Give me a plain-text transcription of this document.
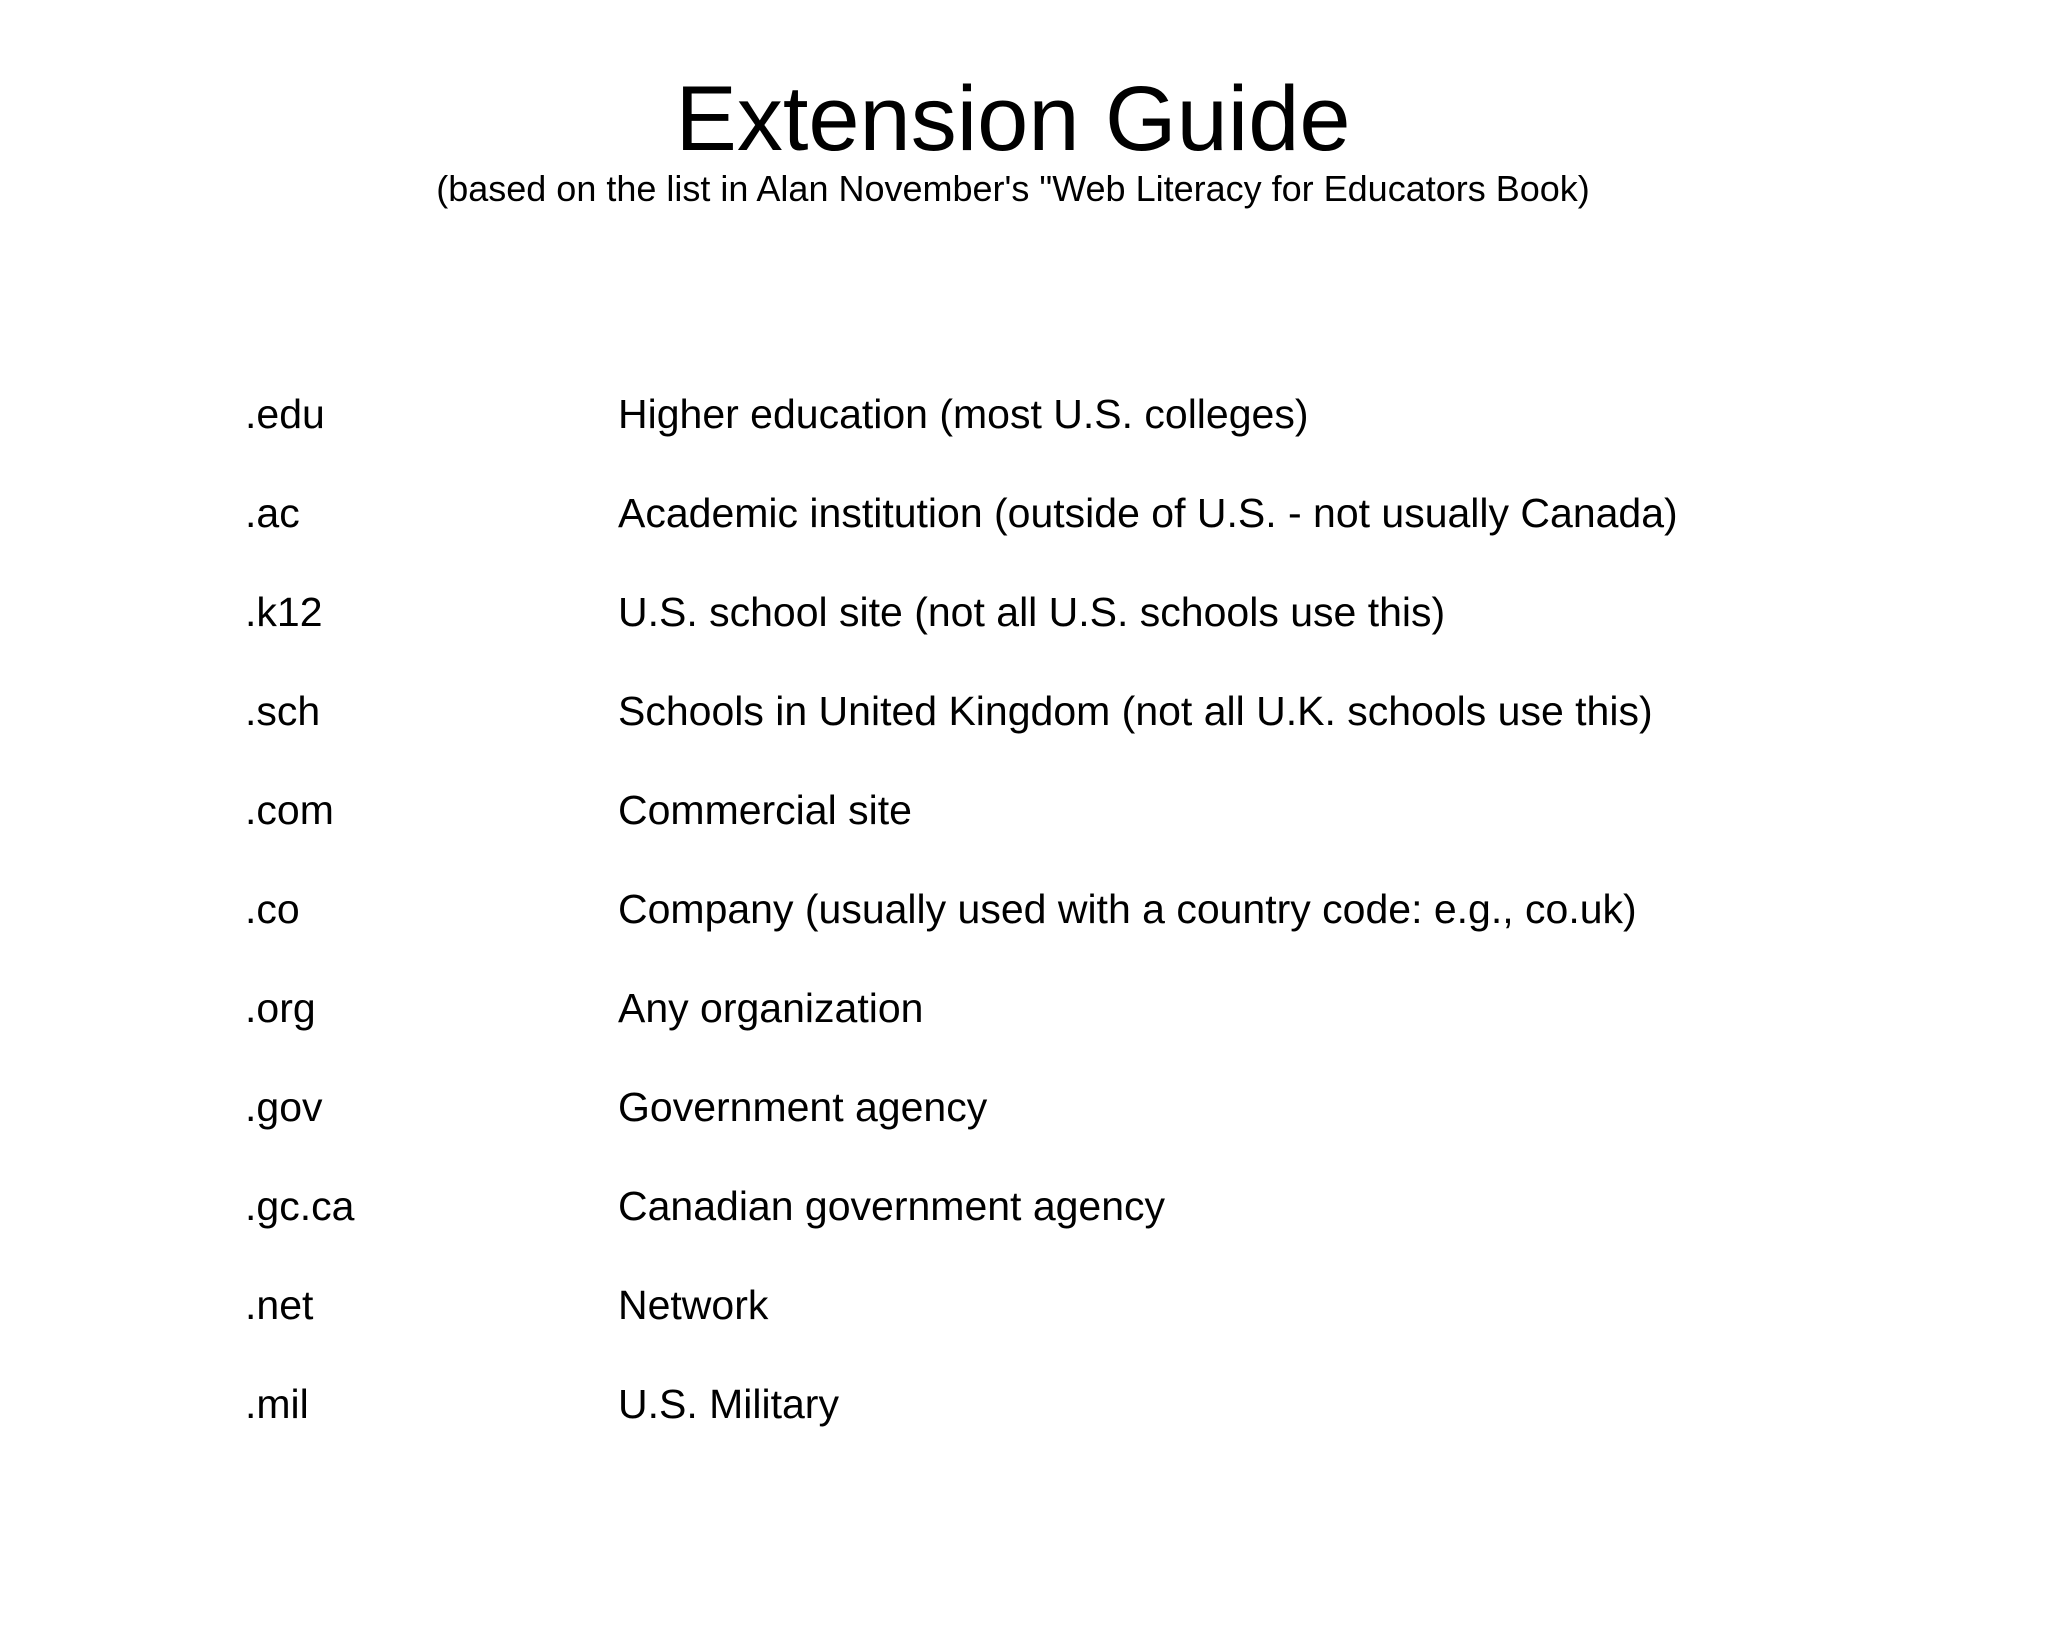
Extension Guide

(based on the list in Alan November's "Web Literacy for Educators Book)

.edu	Higher education (most U.S. colleges)
.ac	Academic institution (outside of U.S. - not usually Canada)
.k12	U.S. school site (not all U.S. schools use this)
.sch	Schools in United Kingdom (not all U.K. schools use this)
.com	Commercial site
.co	Company (usually used with a country code: e.g., co.uk)
.org	Any organization
.gov	Government agency
.gc.ca	Canadian government agency
.net	Network
.mil	U.S. Military
